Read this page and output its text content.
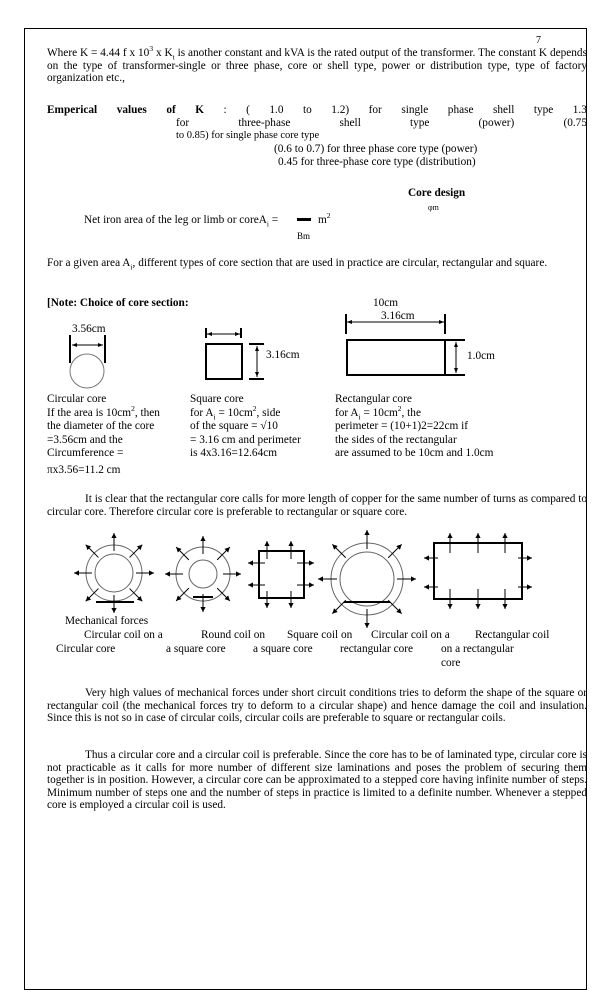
7
Where K = 4.44 f x $10^3$ x $K_t$ is another constant and kVA is the rated output of the transformer. The constant K depends on the type of transformer-single or three phase, core or shell type, power or distribution type, type of factory organization etc.,
Emperical values of K : ( 1.0 to 1.2) for single phase shell type 1.3
for	three-phase	shell	type	(power)	(0.75
to 0.85) for single phase core type
(0.6 to 0.7) for three phase core type (power)
0.45 for three-phase core type (distribution)
Core design
φm
Net iron area of the leg or limb or coreA$_i$ =
Bm
$m^2$
For a given area $A_i$, different types of core section that are used in practice are circular, rectangular and square.
[Note: Choice of core section:
3.56cm
3.16cm
10cm
3.16cm
1.0cm
Circular core
If the area is $10cm^2$, then
the diameter of the core
=3.56cm and the
Circumference =
πx3.56=11.2 cm
Square core
for $A_i = 10cm^2$, side
of the square = √10
= 3.16 cm and perimeter
is 4x3.16=12.64cm
Rectangular core
for $A_i = 10cm^2$, the
perimeter = (10+1)2=22cm if
the sides of the rectangular
are assumed to be 10cm and 1.0cm
It is clear that the rectangular core calls for more length of copper for the same number of turns as compared to circular core. Therefore circular core is preferable to rectangular or square core.
Mechanical forces
Circular coil on a
Circular core
Round coil on
a square core
Square coil on
a square core
Circular coil on a
rectangular core
Rectangular coil
on a rectangular
core
Very high values of mechanical forces under short circuit conditions tries to deform the shape of the square or rectangular coil (the mechanical forces try to deform to a circular shape) and hence damage the coil and insulation. Since this is not so in case of circular coils, circular coils are preferable to square or rectangular coils.
Thus a circular core and a circular coil is preferable. Since the core has to be of laminated type, circular core is not practicable as it calls for more number of different size laminations and poses the problem of securing them together is in position. However, a circular core can be approximated to a stepped core having infinite number of steps. Minimum number of steps one and the number of steps in practice is limited to a definite number. Whenever a stepped core is employed a circular coil is used.
